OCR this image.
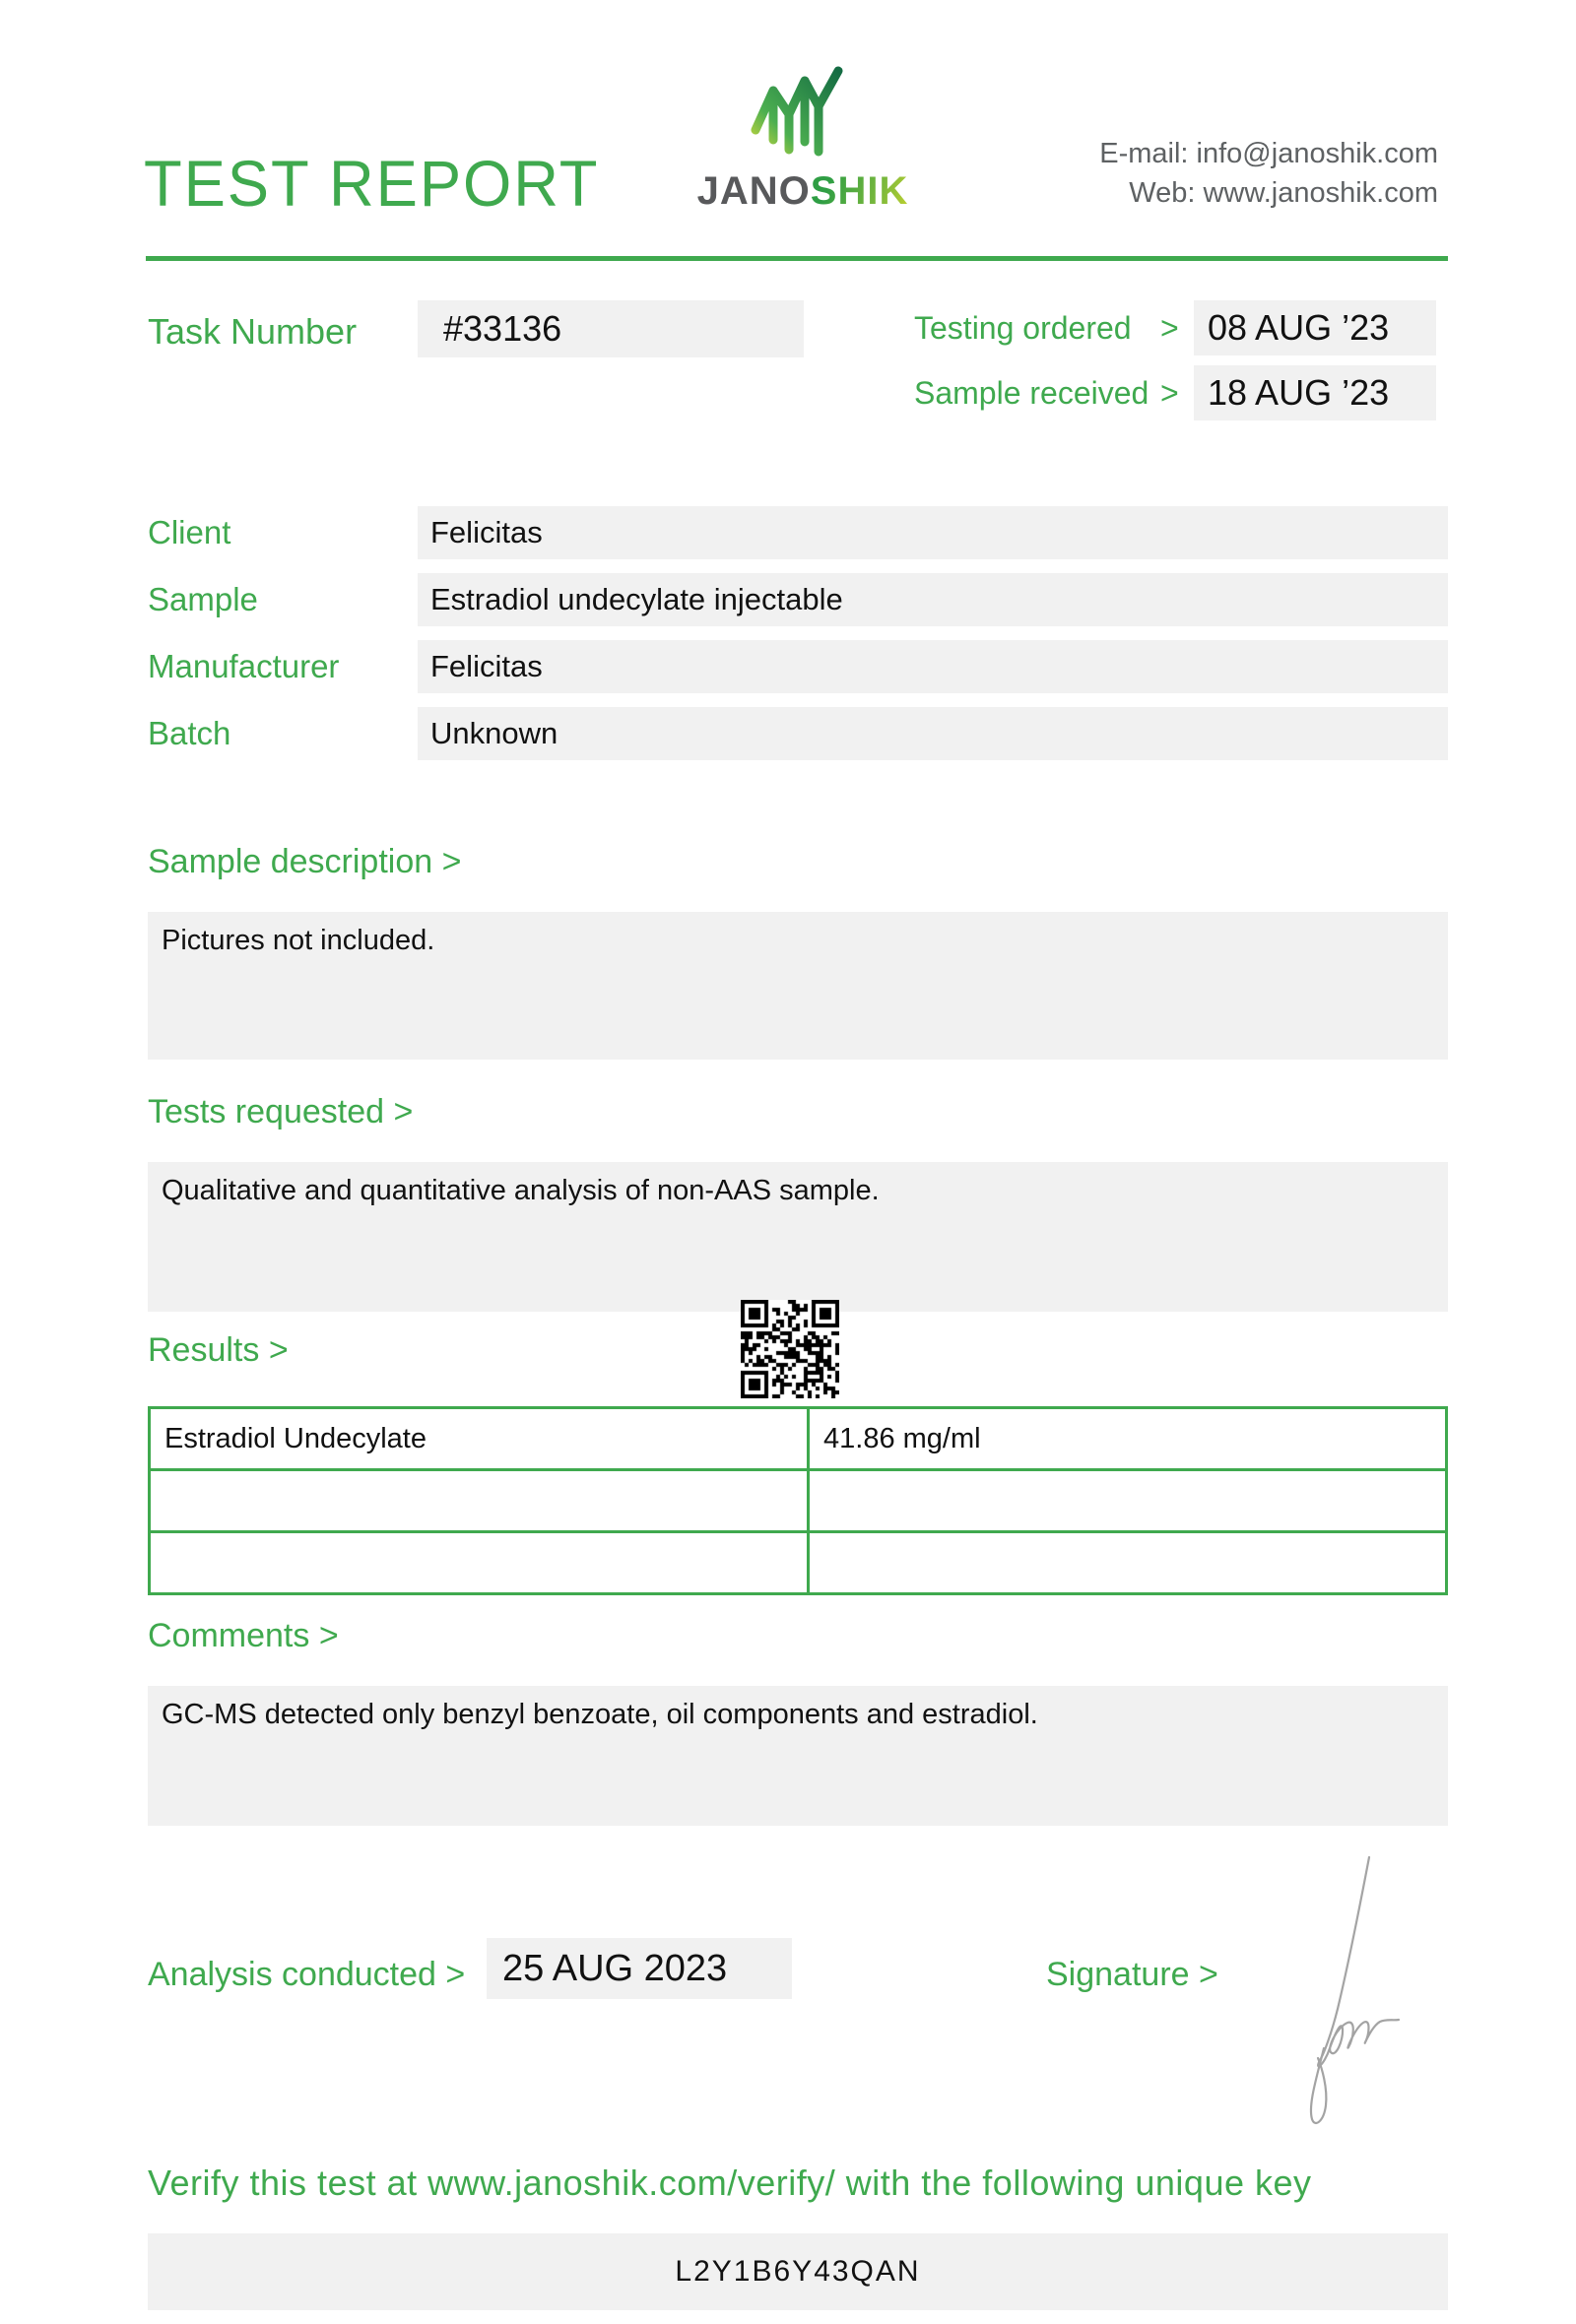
TEST REPORT	JANOSHIK
E-mail: info@janoshik.com
Web: www.janoshik.com
Task Number	#33136	Testing ordered > 08 AUG ’23
Sample received > 18 AUG ’23
Client	Felicitas
Sample	Estradiol undecylate injectable
Manufacturer	Felicitas
Batch	Unknown
Sample description >
Pictures not included.
Tests requested >
Qualitative and quantitative analysis of non-AAS sample.
Results >
Estradiol Undecylate	41.86 mg/ml

Comments >
GC-MS detected only benzyl benzoate, oil components and estradiol.
Analysis conducted > 25 AUG 2023	Signature >
Verify this test at www.janoshik.com/verify/ with the following unique key
L2Y1B6Y43QAN
